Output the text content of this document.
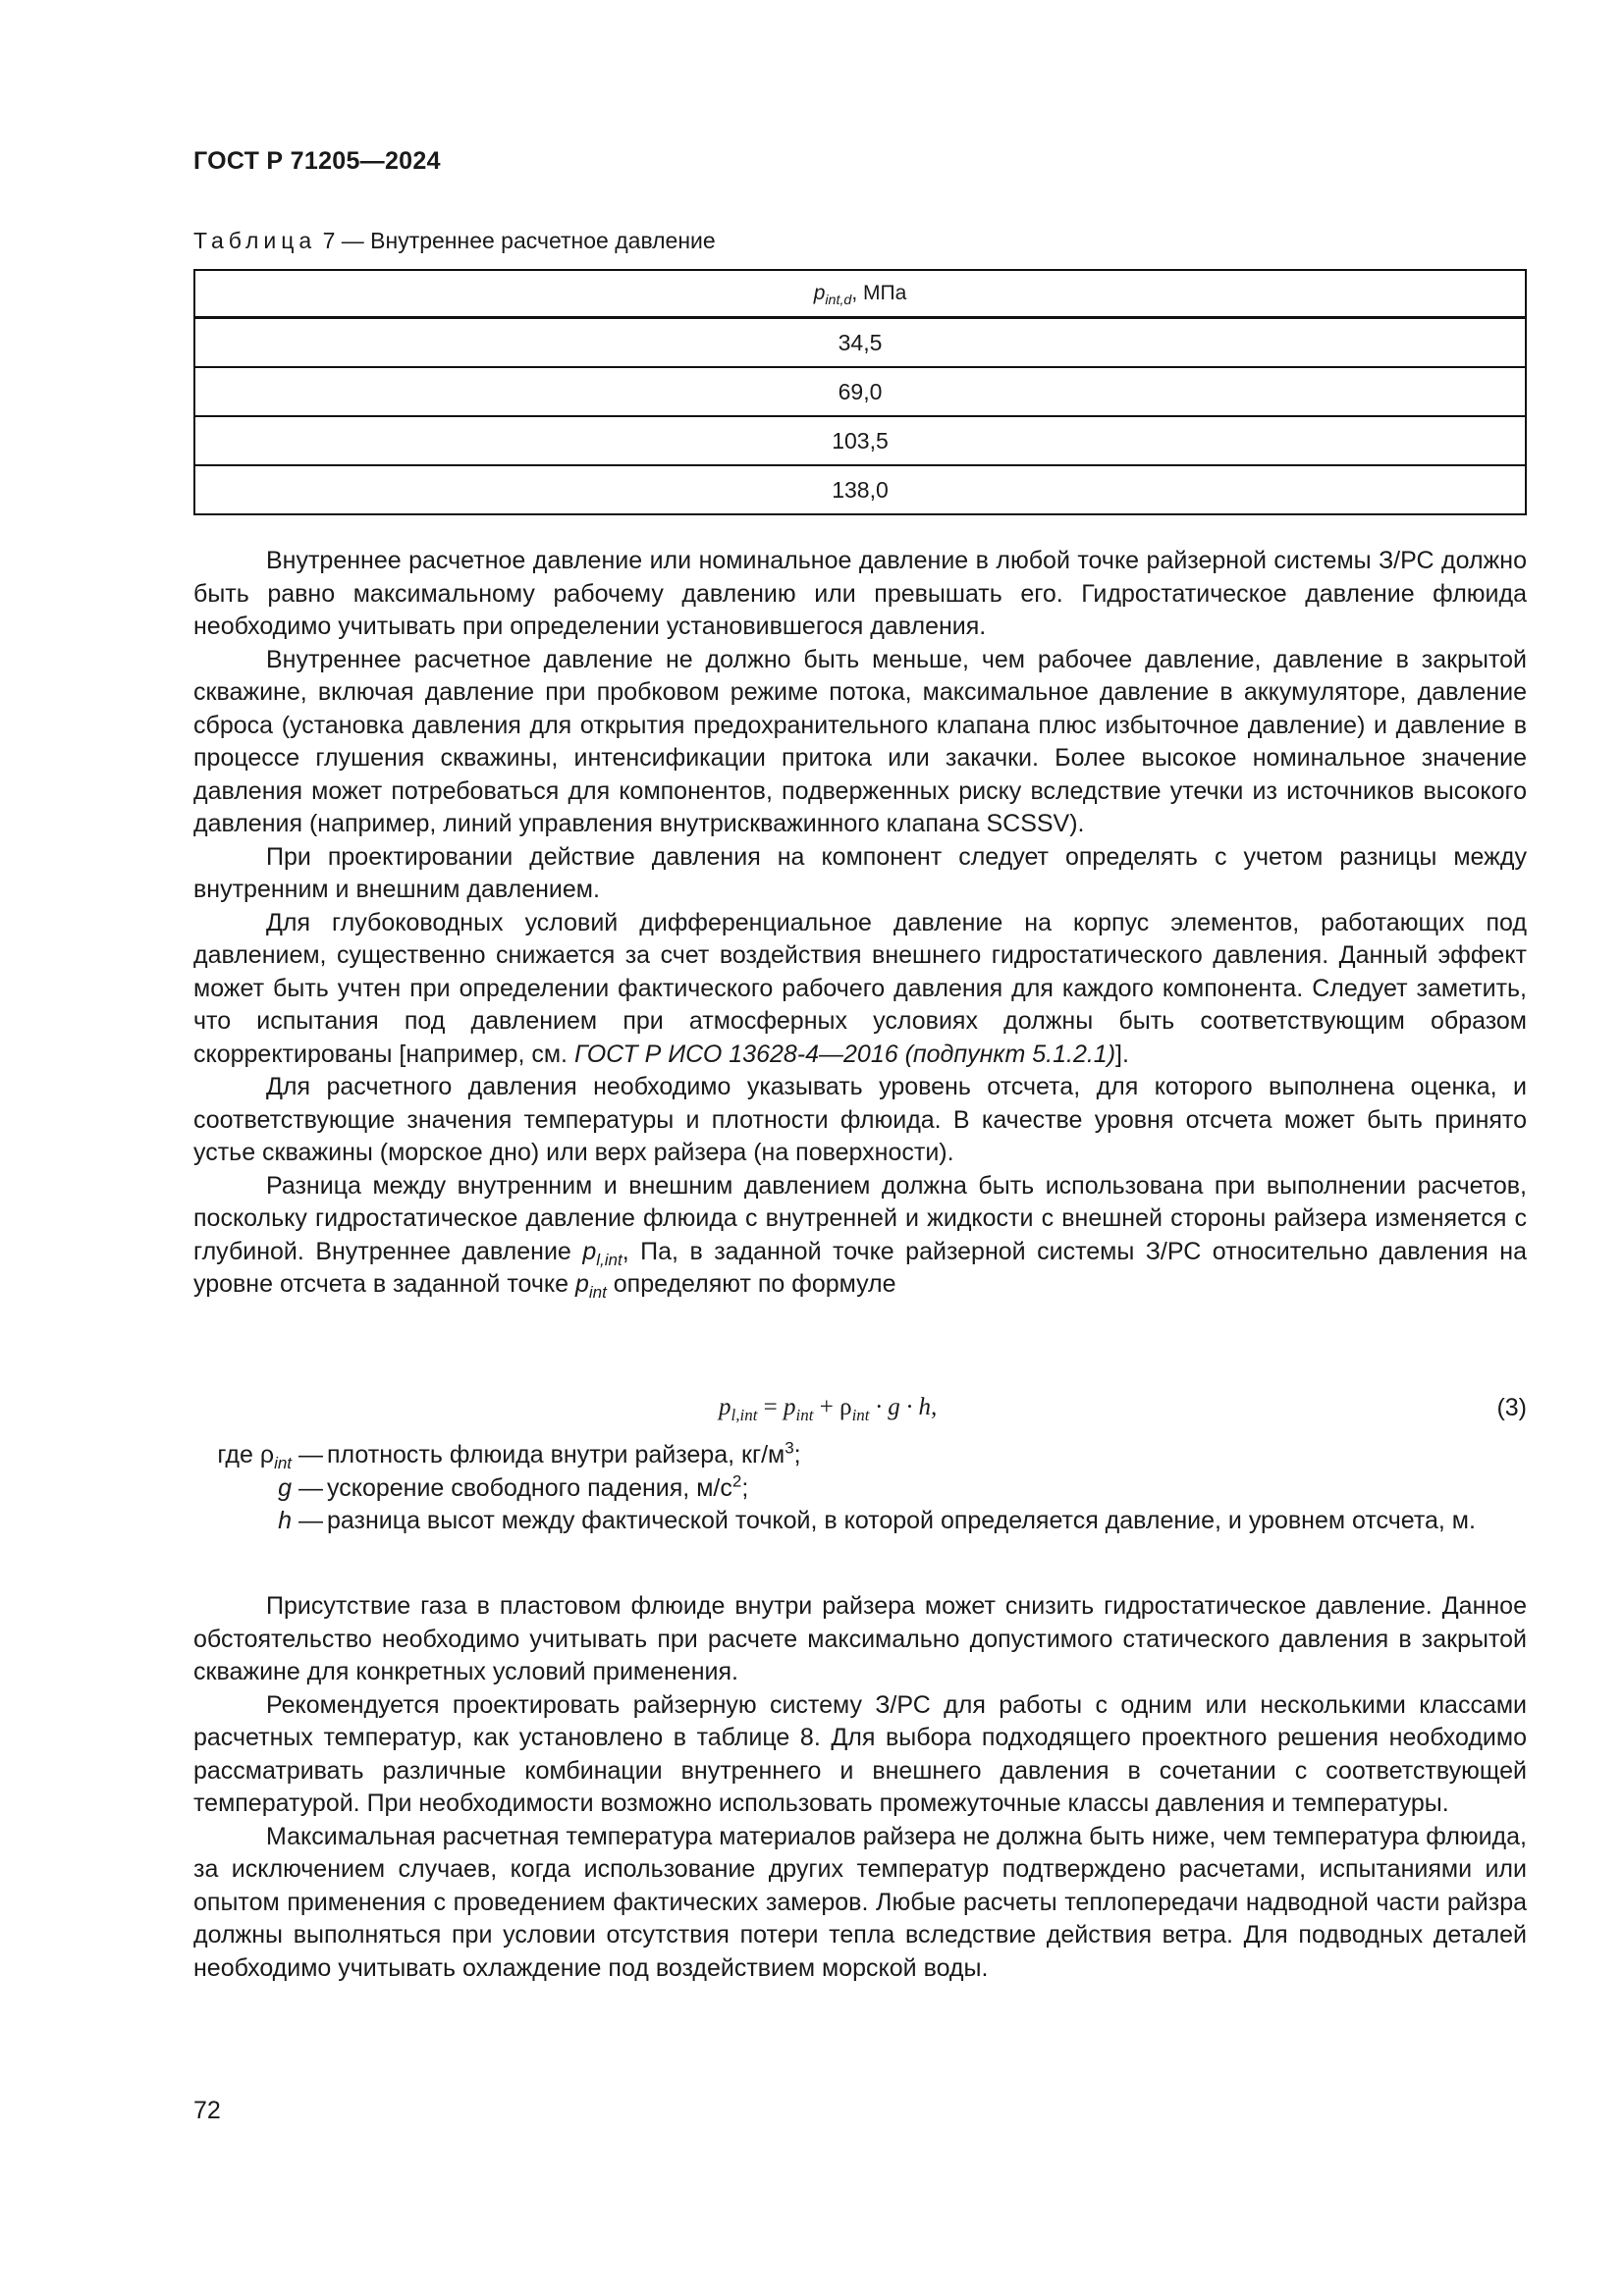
ГОСТ Р 71205—2024
Таблица 7 — Внутреннее расчетное давление
$p_{int,d}$, МПа
34,5
69,0
103,5
138,0

Внутреннее расчетное давление или номинальное давление в любой точке райзерной системы З/РС должно быть равно максимальному рабочему давлению или превышать его. Гидростатическое давление флюида необходимо учитывать при определении установившегося давления.

Внутреннее расчетное давление не должно быть меньше, чем рабочее давление, давление в закрытой скважине, включая давление при пробковом режиме потока, максимальное давление в аккумуляторе, давление сброса (установка давления для открытия предохранительного клапана плюс избыточное давление) и давление в процессе глушения скважины, интенсификации притока или закачки. Более высокое номинальное значение давления может потребоваться для компонентов, подверженных риску вследствие утечки из источников высокого давления (например, линий управления внутрискважинного клапана SCSSV).

При проектировании действие давления на компонент следует определять с учетом разницы между внутренним и внешним давлением.

Для глубоководных условий дифференциальное давление на корпус элементов, работающих под давлением, существенно снижается за счет воздействия внешнего гидростатического давления. Данный эффект может быть учтен при определении фактического рабочего давления для каждого компонента. Следует заметить, что испытания под давлением при атмосферных условиях должны быть соответствующим образом скорректированы [например, см. ГОСТ Р ИСО 13628-4—2016 (подпункт 5.1.2.1)].

Для расчетного давления необходимо указывать уровень отсчета, для которого выполнена оценка, и соответствующие значения температуры и плотности флюида. В качестве уровня отсчета может быть принято устье скважины (морское дно) или верх райзера (на поверхности).

Разница между внутренним и внешним давлением должна быть использована при выполнении расчетов, поскольку гидростатическое давление флюида с внутренней и жидкости с внешней стороны райзера изменяется с глубиной. Внутреннее давление $p_{l,int}$, Па, в заданной точке райзерной системы З/РС относительно давления на уровне отсчета в заданной точке $p_{int}$ определяют по формуле

$p_{l,int} = p_{int} + \rho_{int} \cdot g \cdot h$,	(3)
где $\rho_{int}$ — плотность флюида внутри райзера, $кг/м^3$;
g — ускорение свободного падения, $м/с^2$;
h — разница высот между фактической точкой, в которой определяется давление, и уровнем отсчета, м.

Присутствие газа в пластовом флюиде внутри райзера может снизить гидростатическое давление. Данное обстоятельство необходимо учитывать при расчете максимально допустимого статического давления в закрытой скважине для конкретных условий применения.

Рекомендуется проектировать райзерную систему З/РС для работы с одним или несколькими классами расчетных температур, как установлено в таблице 8. Для выбора подходящего проектного решения необходимо рассматривать различные комбинации внутреннего и внешнего давления в сочетании с соответствующей температурой. При необходимости возможно использовать промежуточные классы давления и температуры.

Максимальная расчетная температура материалов райзера не должна быть ниже, чем температура флюида, за исключением случаев, когда использование других температур подтверждено расчетами, испытаниями или опытом применения с проведением фактических замеров. Любые расчеты теплопередачи надводной части райзра должны выполняться при условии отсутствия потери тепла вследствие действия ветра. Для подводных деталей необходимо учитывать охлаждение под воздействием морской воды.

72
